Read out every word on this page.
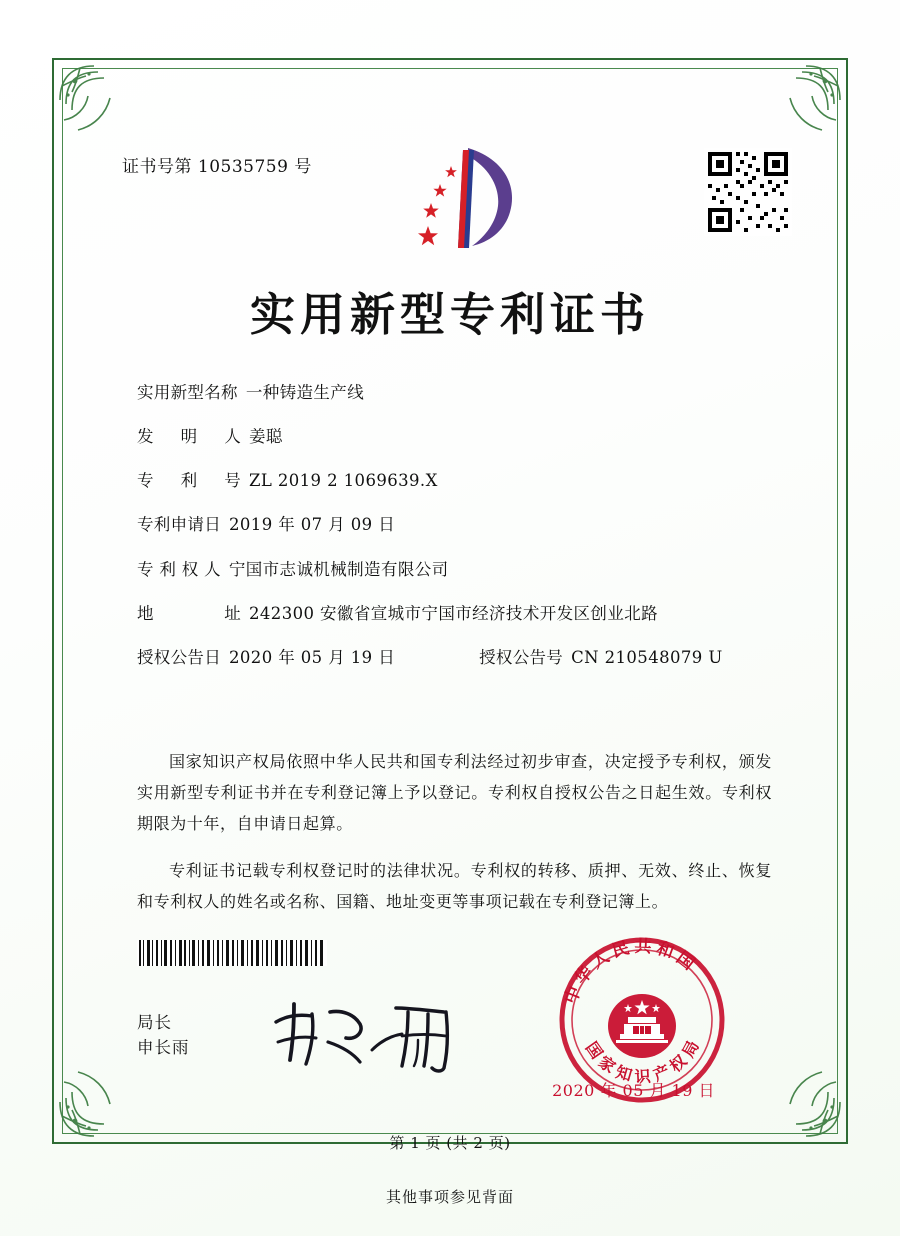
证书号第 10535759 号
实用新型专利证书
实用新型名称 一种铸造生产线
发 明 人 姜聪
专 利 号 ZL 2019 2 1069639.X
专利申请日 2019 年 07 月 09 日
专 利 权 人 宁国市志诚机械制造有限公司
地 址 242300 安徽省宣城市宁国市经济技术开发区创业北路
授权公告日 2020 年 05 月 19 日	授权公告号 CN 210548079 U

国家知识产权局依照中华人民共和国专利法经过初步审查，决定授予专利权，颁发实用新型专利证书并在专利登记簿上予以登记。专利权自授权公告之日起生效。专利权期限为十年，自申请日起算。

专利证书记载专利权登记时的法律状况。专利权的转移、质押、无效、终止、恢复和专利权人的姓名或名称、国籍、地址变更等事项记载在专利登记簿上。

局长
申长雨
中华人民共和国
国家知识产权局
2020 年 05 月 19 日
第 1 页 (共 2 页)
其他事项参见背面
